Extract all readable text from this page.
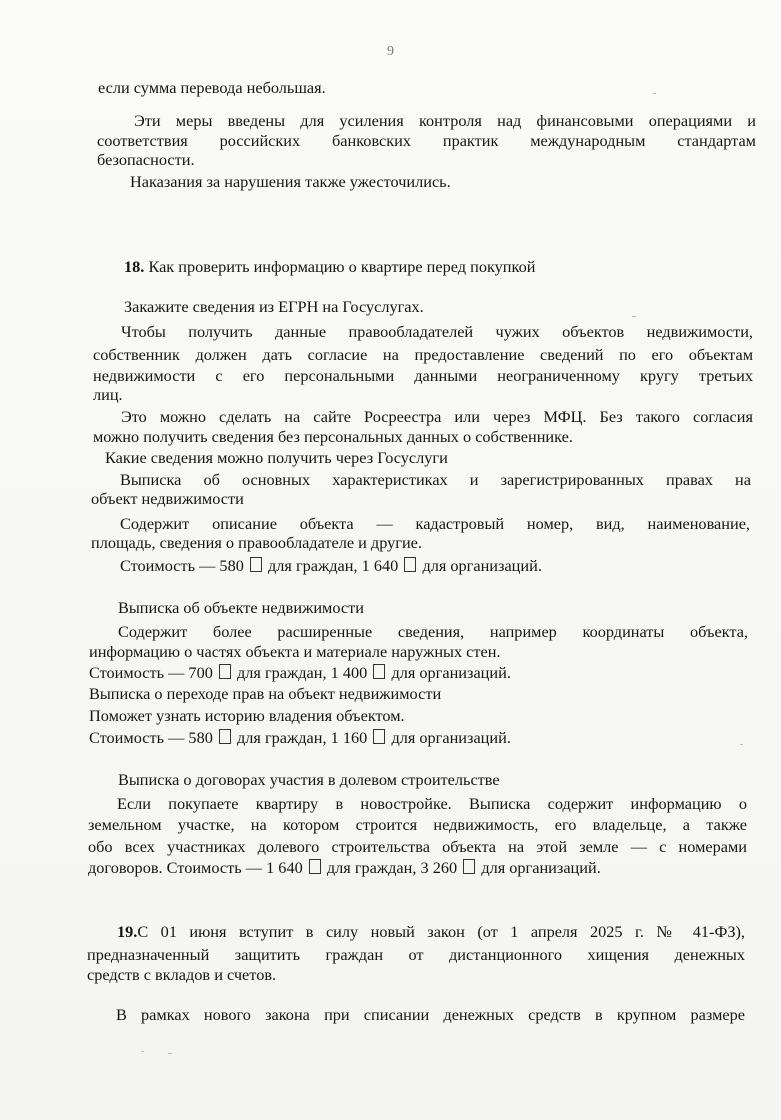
9
если сумма перевода небольшая.
Эти меры введены для усиления контроля над финансовыми операциями и
соответствия российских банковских практик международным стандартам
безопасности.
Наказания за нарушения также ужесточились.
18. Как проверить информацию о квартире перед покупкой
Закажите сведения из ЕГРН на Госуслугах.
Чтобы получить данные правообладателей чужих объектов недвижимости,
собственник должен дать согласие на предоставление сведений по его объектам
недвижимости с его персональными данными неограниченному кругу третьих
лиц.
Это можно сделать на сайте Росреестра или через МФЦ. Без такого согласия
можно получить сведения без персональных данных о собственнике.
Какие сведения можно получить через Госуслуги
Выписка об основных характеристиках и зарегистрированных правах на
объект недвижимости
Содержит описание объекта — кадастровый номер, вид, наименование,
площадь, сведения о правообладателе и другие.
Стоимость — 580 для граждан, 1 640 для организаций.
Выписка об объекте недвижимости
Содержит более расширенные сведения, например координаты объекта,
информацию о частях объекта и материале наружных стен.
Стоимость — 700 для граждан, 1 400 для организаций.
Выписка о переходе прав на объект недвижимости
Поможет узнать историю владения объектом.
Стоимость — 580 для граждан, 1 160 для организаций.
Выписка о договорах участия в долевом строительстве
Если покупаете квартиру в новостройке. Выписка содержит информацию о
земельном участке, на котором строится недвижимость, его владельце, а также
обо всех участниках долевого строительства объекта на этой земле — с номерами
договоров. Стоимость — 1 640 для граждан, 3 260 для организаций.
19.С 01 июня вступит в силу новый закон (от 1 апреля 2025 г. № 41-ФЗ),
предназначенный защитить граждан от дистанционного хищения денежных
средств с вкладов и счетов.
В рамках нового закона при списании денежных средств в крупном размере
